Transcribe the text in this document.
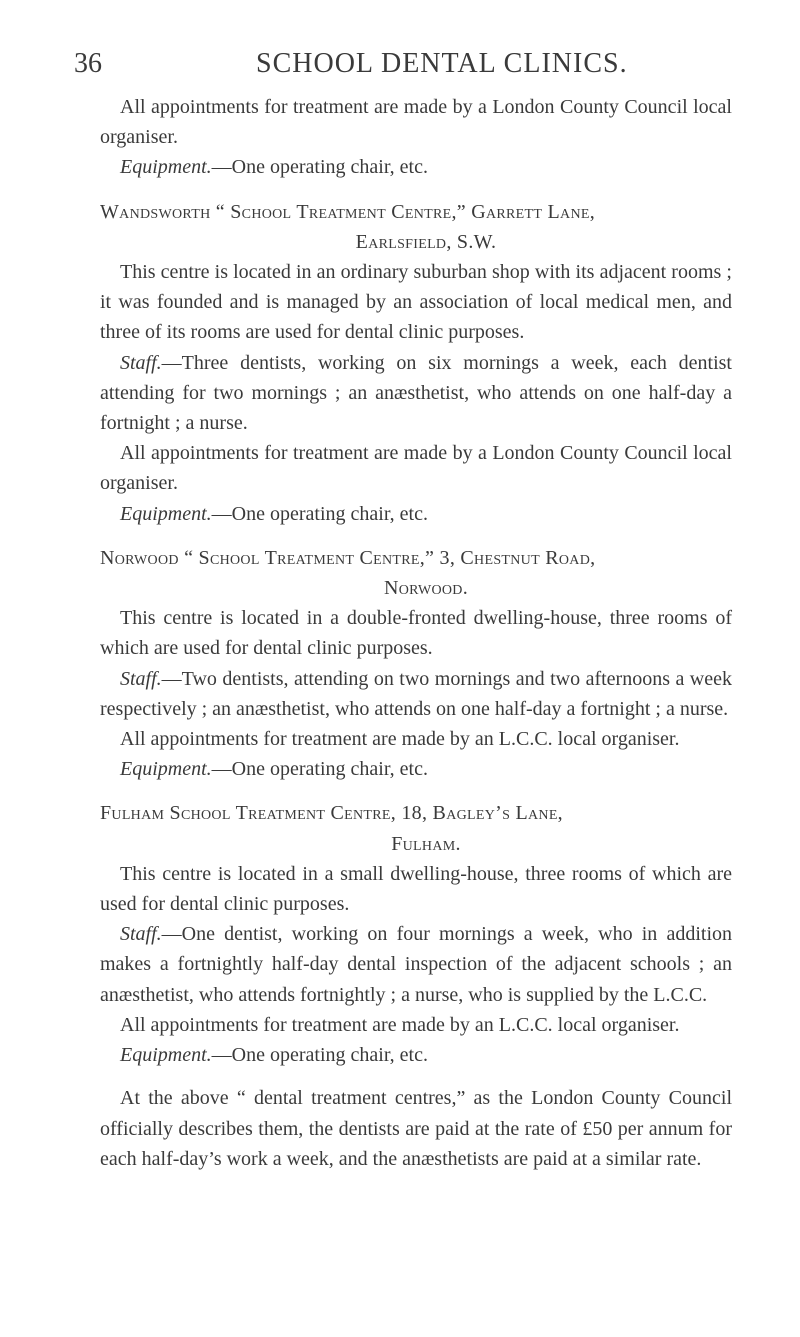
36	SCHOOL DENTAL CLINICS.

All appointments for treatment are made by a London County Council local organiser.

Equipment.—One operating chair, etc.

Wandsworth “ School Treatment Centre,” Garrett Lane,
Earlsfield, S.W.

This centre is located in an ordinary suburban shop with its adjacent rooms ; it was founded and is managed by an association of local medical men, and three of its rooms are used for dental clinic purposes.

Staff.—Three dentists, working on six mornings a week, each dentist attending for two mornings ; an anæsthetist, who attends on one half-day a fortnight ; a nurse.

All appointments for treatment are made by a London County Council local organiser.

Equipment.—One operating chair, etc.

Norwood “ School Treatment Centre,” 3, Chestnut Road,
Norwood.

This centre is located in a double-fronted dwelling-house, three rooms of which are used for dental clinic purposes.

Staff.—Two dentists, attending on two mornings and two afternoons a week respectively ; an anæsthetist, who attends on one half-day a fortnight ; a nurse.

All appointments for treatment are made by an L.C.C. local organiser.

Equipment.—One operating chair, etc.

Fulham School Treatment Centre, 18, Bagley’s Lane,
Fulham.

This centre is located in a small dwelling-house, three rooms of which are used for dental clinic purposes.

Staff.—One dentist, working on four mornings a week, who in addition makes a fortnightly half-day dental inspection of the adjacent schools ; an anæsthetist, who attends fortnightly ; a nurse, who is supplied by the L.C.C.

All appointments for treatment are made by an L.C.C. local organiser.

Equipment.—One operating chair, etc.

At the above “ dental treatment centres,” as the London County Council officially describes them, the dentists are paid at the rate of £50 per annum for each half-day’s work a week, and the anæsthetists are paid at a similar rate.
